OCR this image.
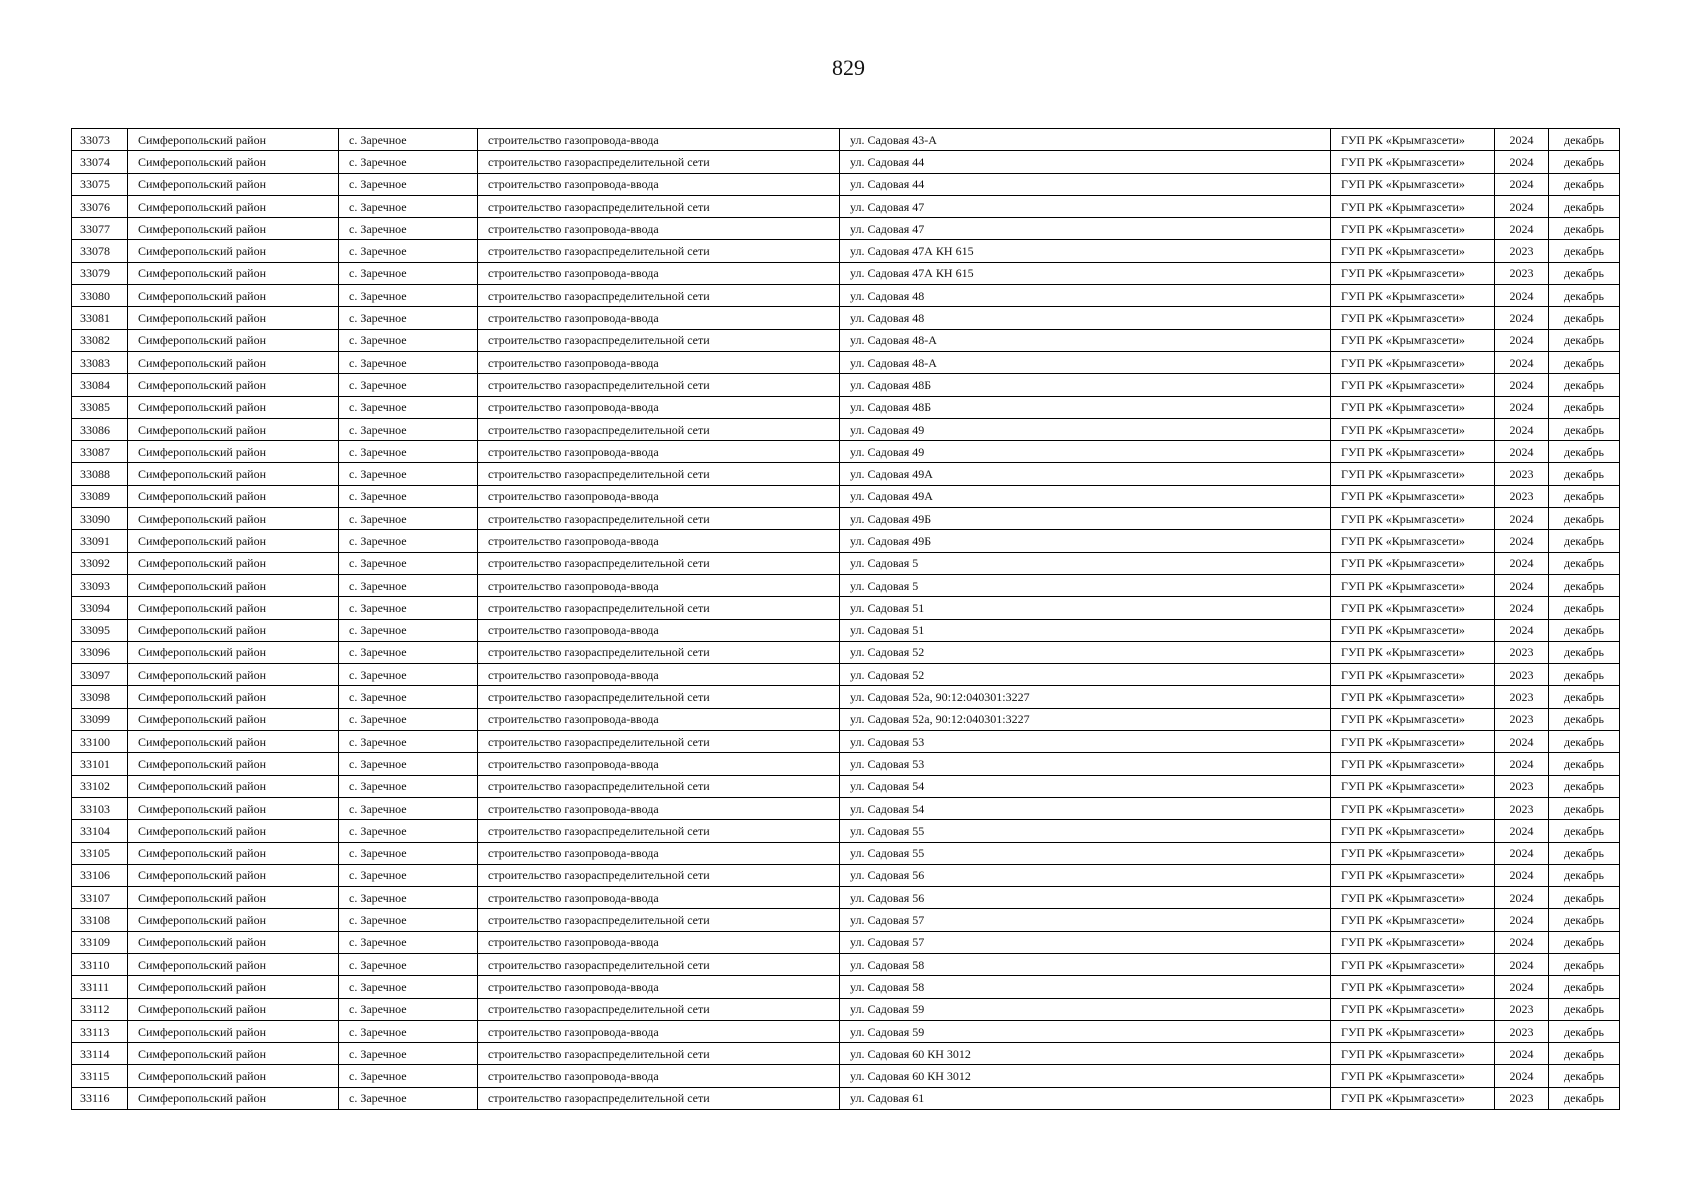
829
33073	Симферопольский район	с. Заречное	строительство газопровода-ввода	ул. Садовая 43-А	ГУП РК «Крымгазсети»	2024	декабрь
33074	Симферопольский район	с. Заречное	строительство газораспределительной сети	ул. Садовая 44	ГУП РК «Крымгазсети»	2024	декабрь
33075	Симферопольский район	с. Заречное	строительство газопровода-ввода	ул. Садовая 44	ГУП РК «Крымгазсети»	2024	декабрь
33076	Симферопольский район	с. Заречное	строительство газораспределительной сети	ул. Садовая 47	ГУП РК «Крымгазсети»	2024	декабрь
33077	Симферопольский район	с. Заречное	строительство газопровода-ввода	ул. Садовая 47	ГУП РК «Крымгазсети»	2024	декабрь
33078	Симферопольский район	с. Заречное	строительство газораспределительной сети	ул. Садовая 47А КН 615	ГУП РК «Крымгазсети»	2023	декабрь
33079	Симферопольский район	с. Заречное	строительство газопровода-ввода	ул. Садовая 47А КН 615	ГУП РК «Крымгазсети»	2023	декабрь
33080	Симферопольский район	с. Заречное	строительство газораспределительной сети	ул. Садовая 48	ГУП РК «Крымгазсети»	2024	декабрь
33081	Симферопольский район	с. Заречное	строительство газопровода-ввода	ул. Садовая 48	ГУП РК «Крымгазсети»	2024	декабрь
33082	Симферопольский район	с. Заречное	строительство газораспределительной сети	ул. Садовая 48-А	ГУП РК «Крымгазсети»	2024	декабрь
33083	Симферопольский район	с. Заречное	строительство газопровода-ввода	ул. Садовая 48-А	ГУП РК «Крымгазсети»	2024	декабрь
33084	Симферопольский район	с. Заречное	строительство газораспределительной сети	ул. Садовая 48Б	ГУП РК «Крымгазсети»	2024	декабрь
33085	Симферопольский район	с. Заречное	строительство газопровода-ввода	ул. Садовая 48Б	ГУП РК «Крымгазсети»	2024	декабрь
33086	Симферопольский район	с. Заречное	строительство газораспределительной сети	ул. Садовая 49	ГУП РК «Крымгазсети»	2024	декабрь
33087	Симферопольский район	с. Заречное	строительство газопровода-ввода	ул. Садовая 49	ГУП РК «Крымгазсети»	2024	декабрь
33088	Симферопольский район	с. Заречное	строительство газораспределительной сети	ул. Садовая 49А	ГУП РК «Крымгазсети»	2023	декабрь
33089	Симферопольский район	с. Заречное	строительство газопровода-ввода	ул. Садовая 49А	ГУП РК «Крымгазсети»	2023	декабрь
33090	Симферопольский район	с. Заречное	строительство газораспределительной сети	ул. Садовая 49Б	ГУП РК «Крымгазсети»	2024	декабрь
33091	Симферопольский район	с. Заречное	строительство газопровода-ввода	ул. Садовая 49Б	ГУП РК «Крымгазсети»	2024	декабрь
33092	Симферопольский район	с. Заречное	строительство газораспределительной сети	ул. Садовая 5	ГУП РК «Крымгазсети»	2024	декабрь
33093	Симферопольский район	с. Заречное	строительство газопровода-ввода	ул. Садовая 5	ГУП РК «Крымгазсети»	2024	декабрь
33094	Симферопольский район	с. Заречное	строительство газораспределительной сети	ул. Садовая 51	ГУП РК «Крымгазсети»	2024	декабрь
33095	Симферопольский район	с. Заречное	строительство газопровода-ввода	ул. Садовая 51	ГУП РК «Крымгазсети»	2024	декабрь
33096	Симферопольский район	с. Заречное	строительство газораспределительной сети	ул. Садовая 52	ГУП РК «Крымгазсети»	2023	декабрь
33097	Симферопольский район	с. Заречное	строительство газопровода-ввода	ул. Садовая 52	ГУП РК «Крымгазсети»	2023	декабрь
33098	Симферопольский район	с. Заречное	строительство газораспределительной сети	ул. Садовая 52а, 90:12:040301:3227	ГУП РК «Крымгазсети»	2023	декабрь
33099	Симферопольский район	с. Заречное	строительство газопровода-ввода	ул. Садовая 52а, 90:12:040301:3227	ГУП РК «Крымгазсети»	2023	декабрь
33100	Симферопольский район	с. Заречное	строительство газораспределительной сети	ул. Садовая 53	ГУП РК «Крымгазсети»	2024	декабрь
33101	Симферопольский район	с. Заречное	строительство газопровода-ввода	ул. Садовая 53	ГУП РК «Крымгазсети»	2024	декабрь
33102	Симферопольский район	с. Заречное	строительство газораспределительной сети	ул. Садовая 54	ГУП РК «Крымгазсети»	2023	декабрь
33103	Симферопольский район	с. Заречное	строительство газопровода-ввода	ул. Садовая 54	ГУП РК «Крымгазсети»	2023	декабрь
33104	Симферопольский район	с. Заречное	строительство газораспределительной сети	ул. Садовая 55	ГУП РК «Крымгазсети»	2024	декабрь
33105	Симферопольский район	с. Заречное	строительство газопровода-ввода	ул. Садовая 55	ГУП РК «Крымгазсети»	2024	декабрь
33106	Симферопольский район	с. Заречное	строительство газораспределительной сети	ул. Садовая 56	ГУП РК «Крымгазсети»	2024	декабрь
33107	Симферопольский район	с. Заречное	строительство газопровода-ввода	ул. Садовая 56	ГУП РК «Крымгазсети»	2024	декабрь
33108	Симферопольский район	с. Заречное	строительство газораспределительной сети	ул. Садовая 57	ГУП РК «Крымгазсети»	2024	декабрь
33109	Симферопольский район	с. Заречное	строительство газопровода-ввода	ул. Садовая 57	ГУП РК «Крымгазсети»	2024	декабрь
33110	Симферопольский район	с. Заречное	строительство газораспределительной сети	ул. Садовая 58	ГУП РК «Крымгазсети»	2024	декабрь
33111	Симферопольский район	с. Заречное	строительство газопровода-ввода	ул. Садовая 58	ГУП РК «Крымгазсети»	2024	декабрь
33112	Симферопольский район	с. Заречное	строительство газораспределительной сети	ул. Садовая 59	ГУП РК «Крымгазсети»	2023	декабрь
33113	Симферопольский район	с. Заречное	строительство газопровода-ввода	ул. Садовая 59	ГУП РК «Крымгазсети»	2023	декабрь
33114	Симферопольский район	с. Заречное	строительство газораспределительной сети	ул. Садовая 60 КН 3012	ГУП РК «Крымгазсети»	2024	декабрь
33115	Симферопольский район	с. Заречное	строительство газопровода-ввода	ул. Садовая 60 КН 3012	ГУП РК «Крымгазсети»	2024	декабрь
33116	Симферопольский район	с. Заречное	строительство газораспределительной сети	ул. Садовая 61	ГУП РК «Крымгазсети»	2023	декабрь
